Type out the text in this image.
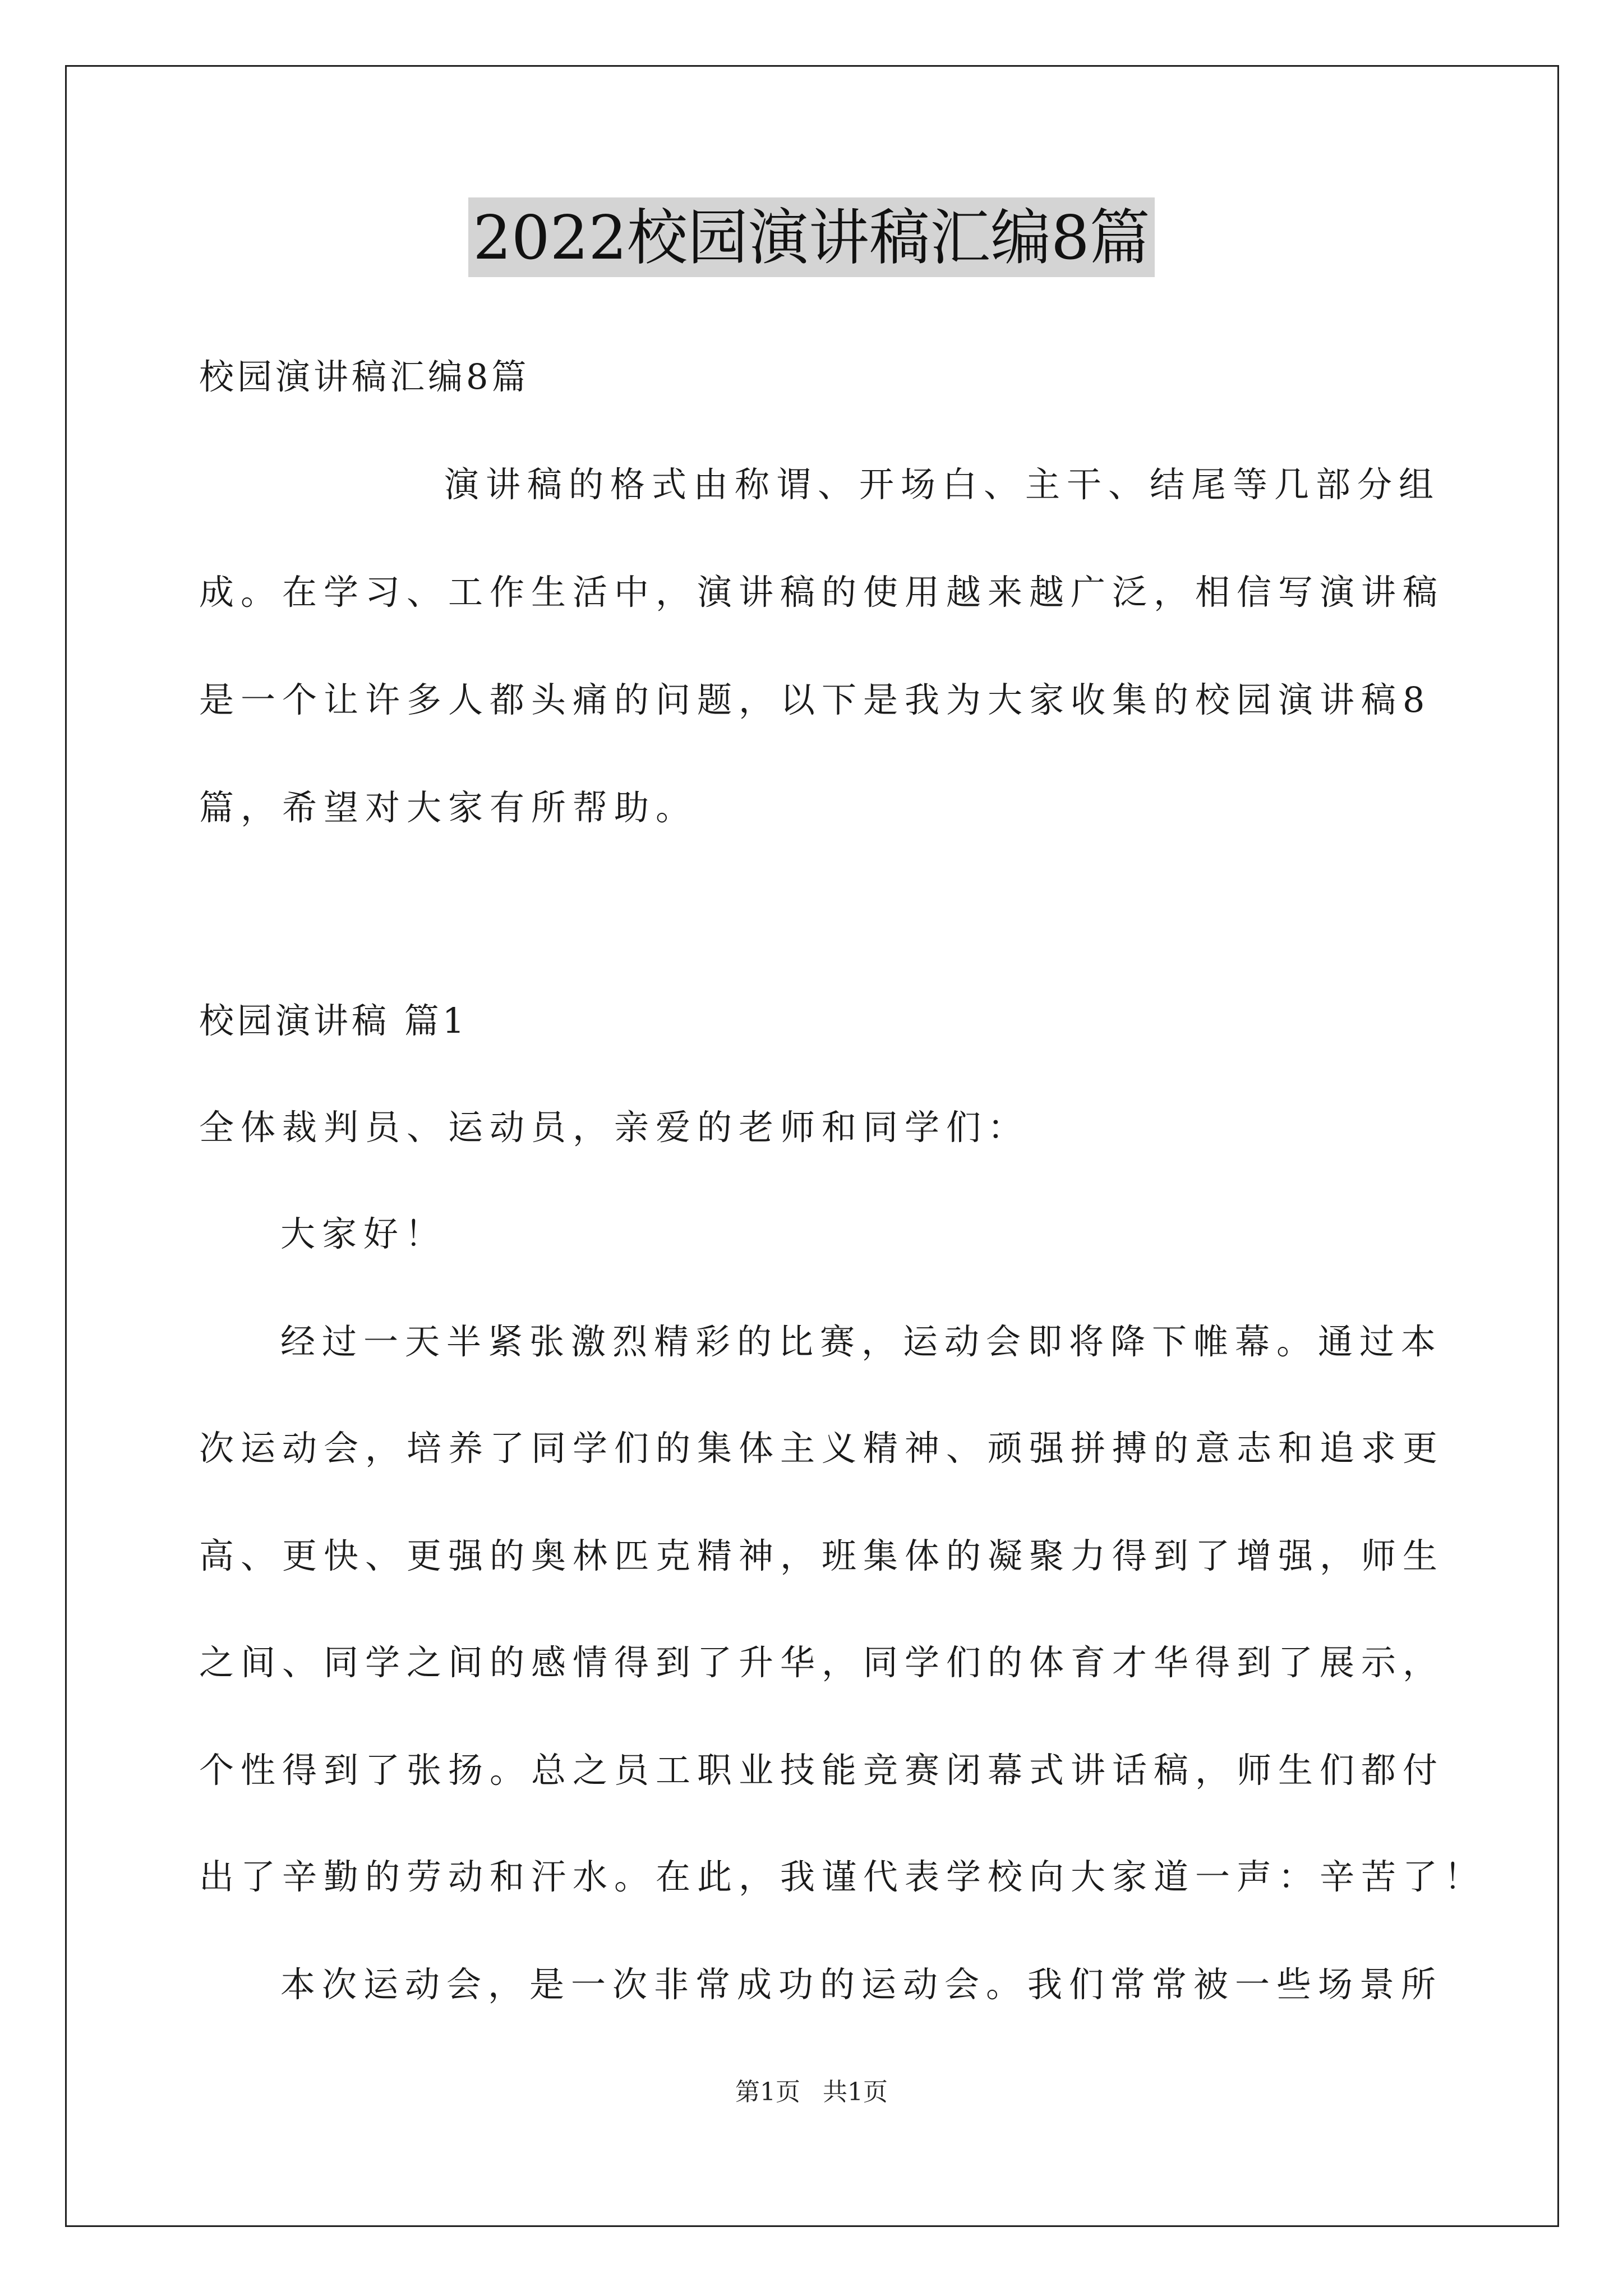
2022校园演讲稿汇编8篇
校园演讲稿汇编8篇
演讲稿的格式由称谓、开场白、主干、结尾等几部分组
成。在学习、工作生活中，演讲稿的使用越来越广泛，相信写演讲稿
是一个让许多人都头痛的问题，以下是我为大家收集的校园演讲稿8
篇，希望对大家有所帮助。
校园演讲稿 篇1
全体裁判员、运动员，亲爱的老师和同学们：
大家好！
经过一天半紧张激烈精彩的比赛，运动会即将降下帷幕。通过本
次运动会，培养了同学们的集体主义精神、顽强拼搏的意志和追求更
高、更快、更强的奥林匹克精神，班集体的凝聚力得到了增强，师生
之间、同学之间的感情得到了升华，同学们的体育才华得到了展示，
个性得到了张扬。总之员工职业技能竞赛闭幕式讲话稿，师生们都付
出了辛勤的劳动和汗水。在此，我谨代表学校向大家道一声：辛苦了！
本次运动会，是一次非常成功的运动会。我们常常被一些场景所
第1页 共1页
